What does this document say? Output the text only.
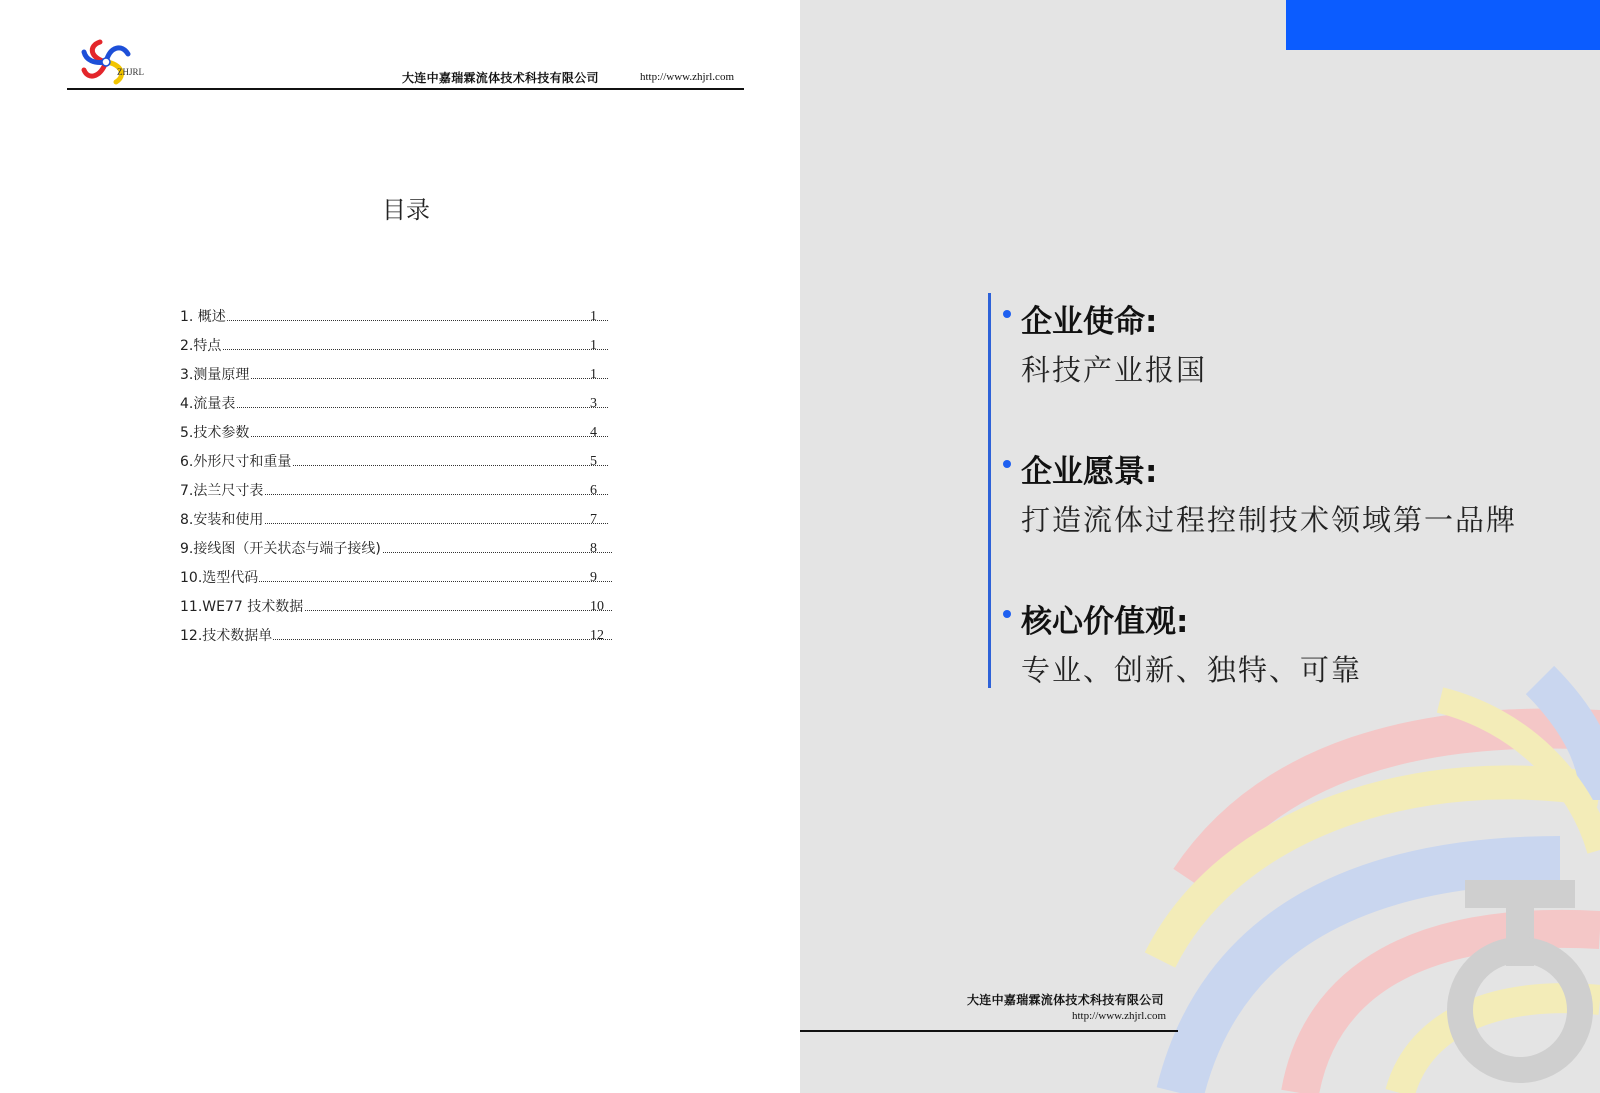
ZHJRL	大连中嘉瑞霖流体技术科技有限公司	http://www.zhjrl.com
目录
1. 概述	1
2.特点	1
3.测量原理	1
4.流量表	3
5.技术参数	4
6.外形尺寸和重量	5
7.法兰尺寸表	6
8.安装和使用	7
9.接线图（开关状态与端子接线)	8
10.选型代码	9
11.WE77 技术数据	10
12.技术数据单	12
企业使命:
科技产业报国
企业愿景:
打造流体过程控制技术领域第一品牌
核心价值观:
专业、创新、独特、可靠
大连中嘉瑞霖流体技术科技有限公司
http://www.zhjrl.com
